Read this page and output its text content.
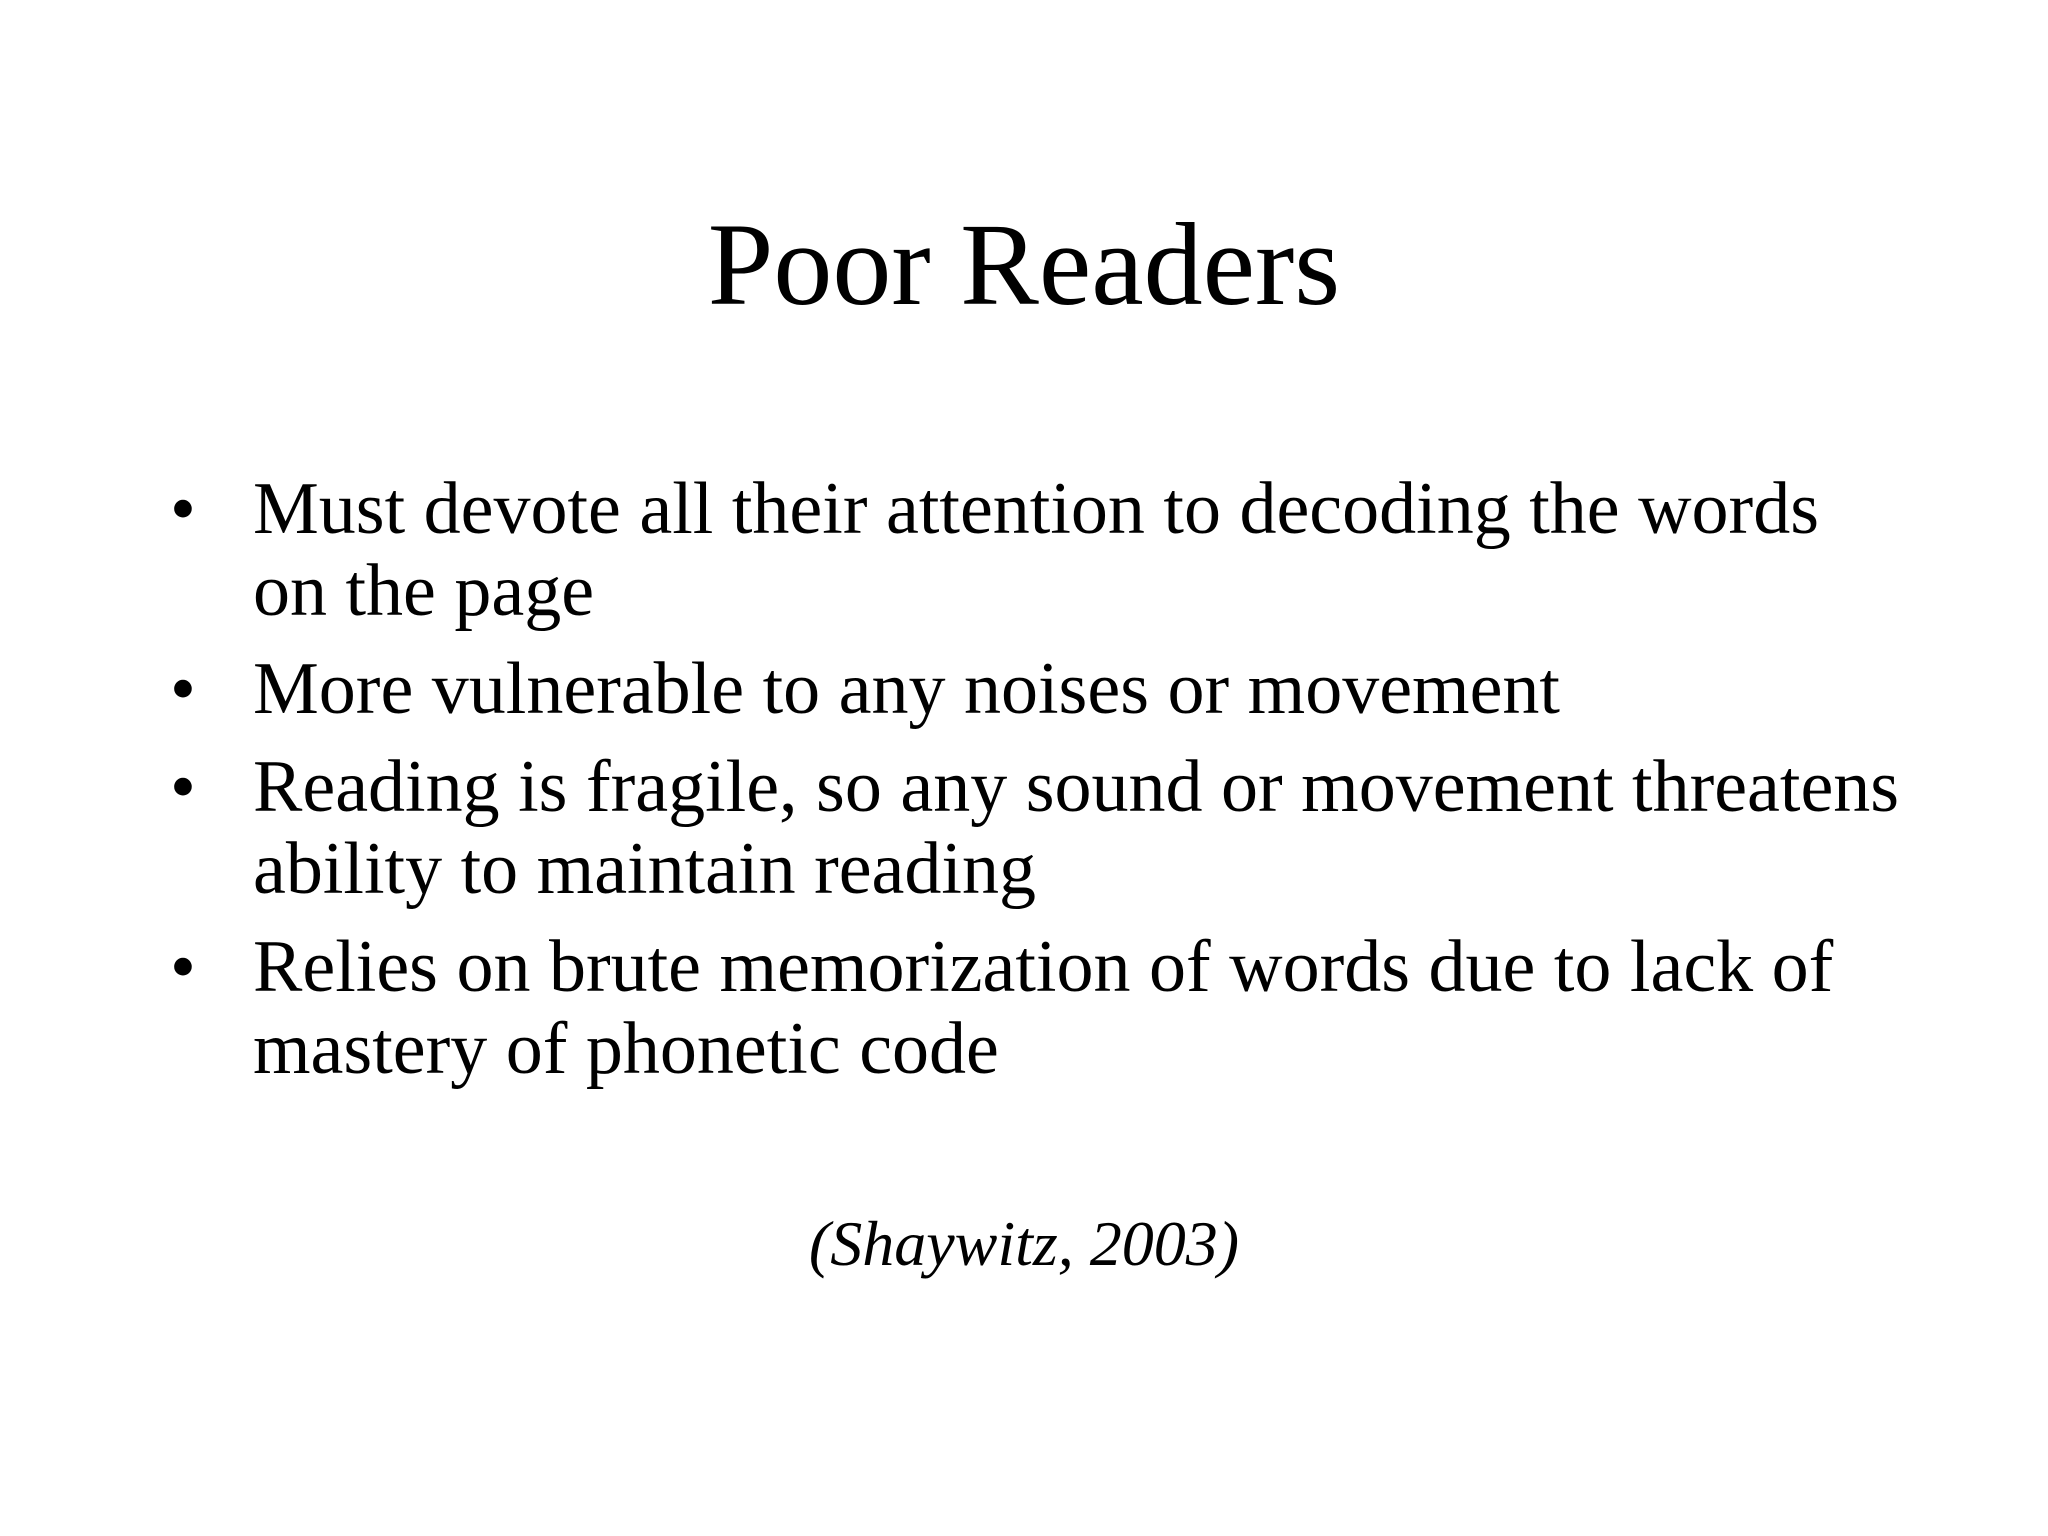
Poor Readers
• Must devote all their attention to decoding the words on the page
• More vulnerable to any noises or movement
• Reading is fragile, so any sound or movement threatens ability to maintain reading
• Relies on brute memorization of words due to lack of mastery of phonetic code
(Shaywitz, 2003)
